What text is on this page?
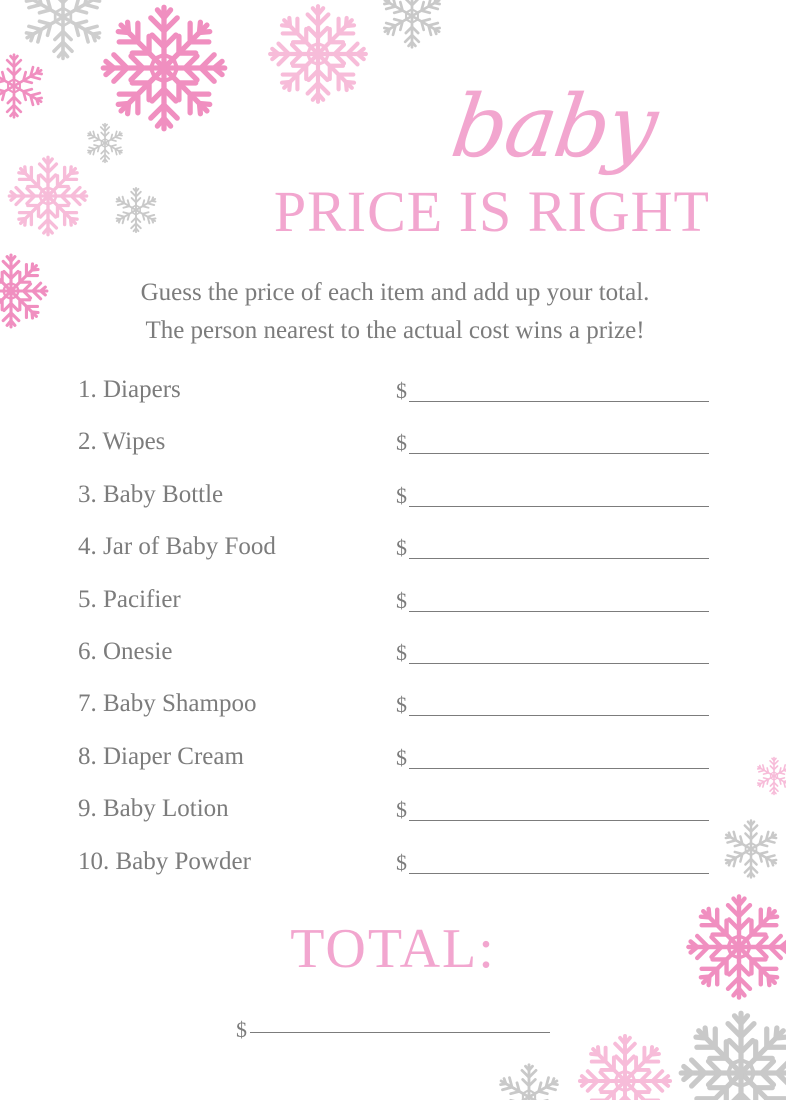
baby
PRICE IS RIGHT
Guess the price of each item and add up your total.
The person nearest to the actual cost wins a prize!
1. Diapers	$
2. Wipes	$
3. Baby Bottle	$
4. Jar of Baby Food	$
5. Pacifier	$
6. Onesie	$
7. Baby Shampoo	$
8. Diaper Cream	$
9. Baby Lotion	$
10. Baby Powder	$
TOTAL:
$
